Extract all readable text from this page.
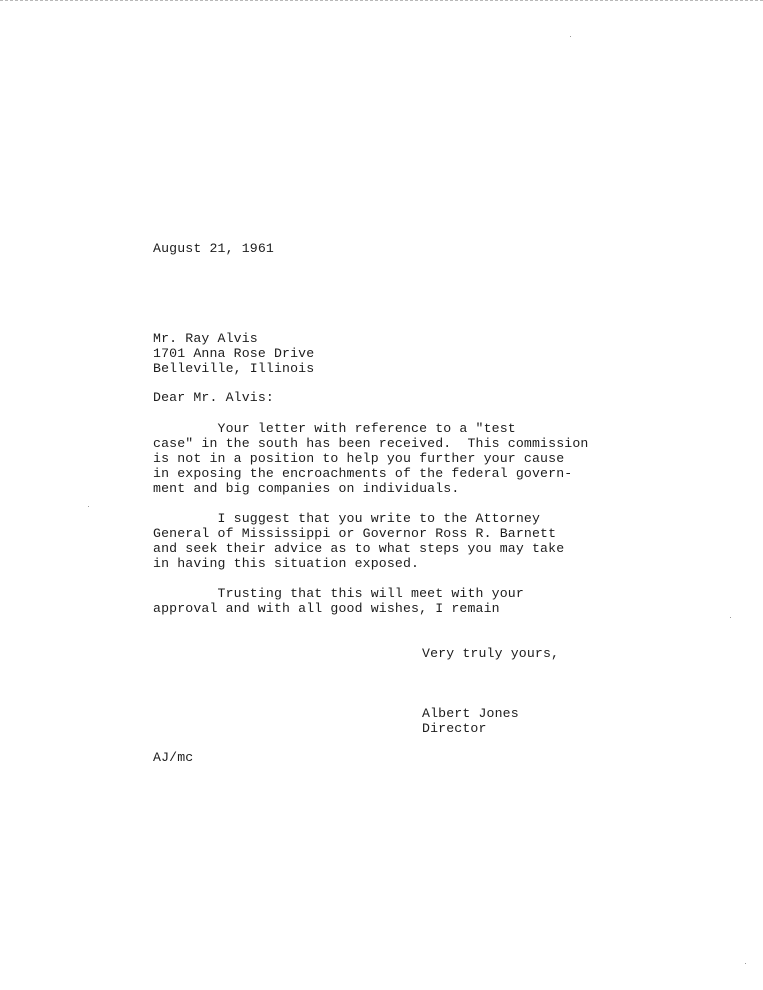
August 21, 1961
Mr. Ray Alvis
1701 Anna Rose Drive
Belleville, Illinois
Dear Mr. Alvis:
Your letter with reference to a "test
case" in the south has been received.  This commission
is not in a position to help you further your cause
in exposing the encroachments of the federal govern-
ment and big companies on individuals.
I suggest that you write to the Attorney
General of Mississippi or Governor Ross R. Barnett
and seek their advice as to what steps you may take
in having this situation exposed.
Trusting that this will meet with your
approval and with all good wishes, I remain
Very truly yours,
Albert Jones
Director
AJ/mc
